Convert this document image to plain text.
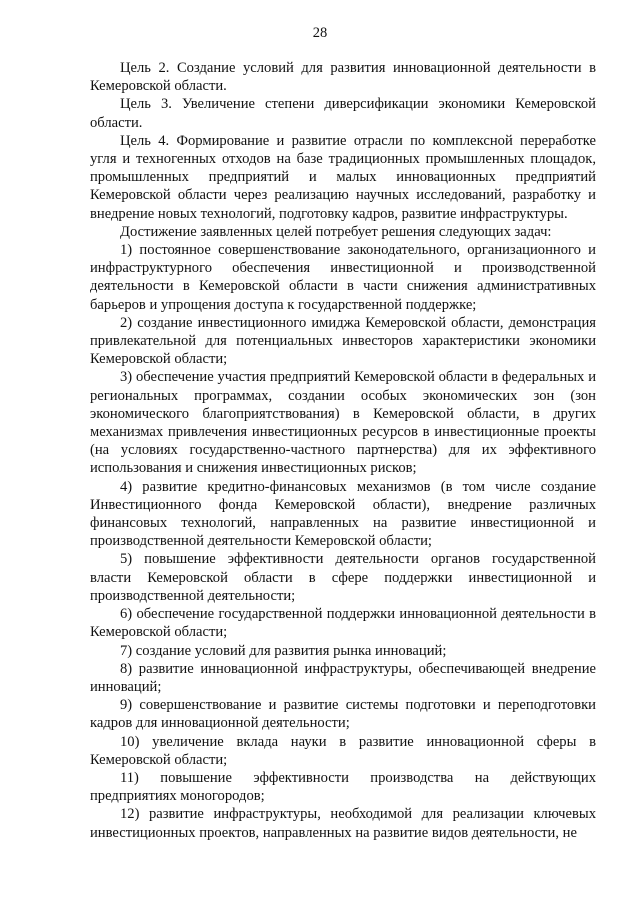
28

Цель 2. Создание условий для развития инновационной деятельности в Кемеровской области.

Цель 3. Увеличение степени диверсификации экономики Кемеровской области.

Цель 4. Формирование и развитие отрасли по комплексной переработке угля и техногенных отходов на базе традиционных промышленных площадок, промышленных предприятий и малых инновационных предприятий Кемеровской области через реализацию научных исследований, разработку и внедрение новых технологий, подготовку кадров, развитие инфраструктуры.

Достижение заявленных целей потребует решения следующих задач:

1) постоянное совершенствование законодательного, организационного и инфраструктурного обеспечения инвестиционной и производственной деятельности в Кемеровской области в части снижения административных барьеров и упрощения доступа к государственной поддержке;

2) создание инвестиционного имиджа Кемеровской области, демонстрация привлекательной для потенциальных инвесторов характеристики экономики Кемеровской области;

3) обеспечение участия предприятий Кемеровской области в федеральных и региональных программах, создании особых экономических зон (зон экономического благоприятствования) в Кемеровской области, в других механизмах привлечения инвестиционных ресурсов в инвестиционные проекты (на условиях государственно-частного партнерства) для их эффективного использования и снижения инвестиционных рисков;

4) развитие кредитно-финансовых механизмов (в том числе создание Инвестиционного фонда Кемеровской области), внедрение различных финансовых технологий, направленных на развитие инвестиционной и производственной деятельности Кемеровской области;

5) повышение эффективности деятельности органов государственной власти Кемеровской области в сфере поддержки инвестиционной и производственной деятельности;

6) обеспечение государственной поддержки инновационной деятельности в Кемеровской области;

7) создание условий для развития рынка инноваций;

8) развитие инновационной инфраструктуры, обеспечивающей внедрение инноваций;

9) совершенствование и развитие системы подготовки и переподготовки кадров для инновационной деятельности;

10) увеличение вклада науки в развитие инновационной сферы в Кемеровской области;

11) повышение эффективности производства на действующих предприятиях моногородов;

12) развитие инфраструктуры, необходимой для реализации ключевых инвестиционных проектов, направленных на развитие видов деятельности, не
